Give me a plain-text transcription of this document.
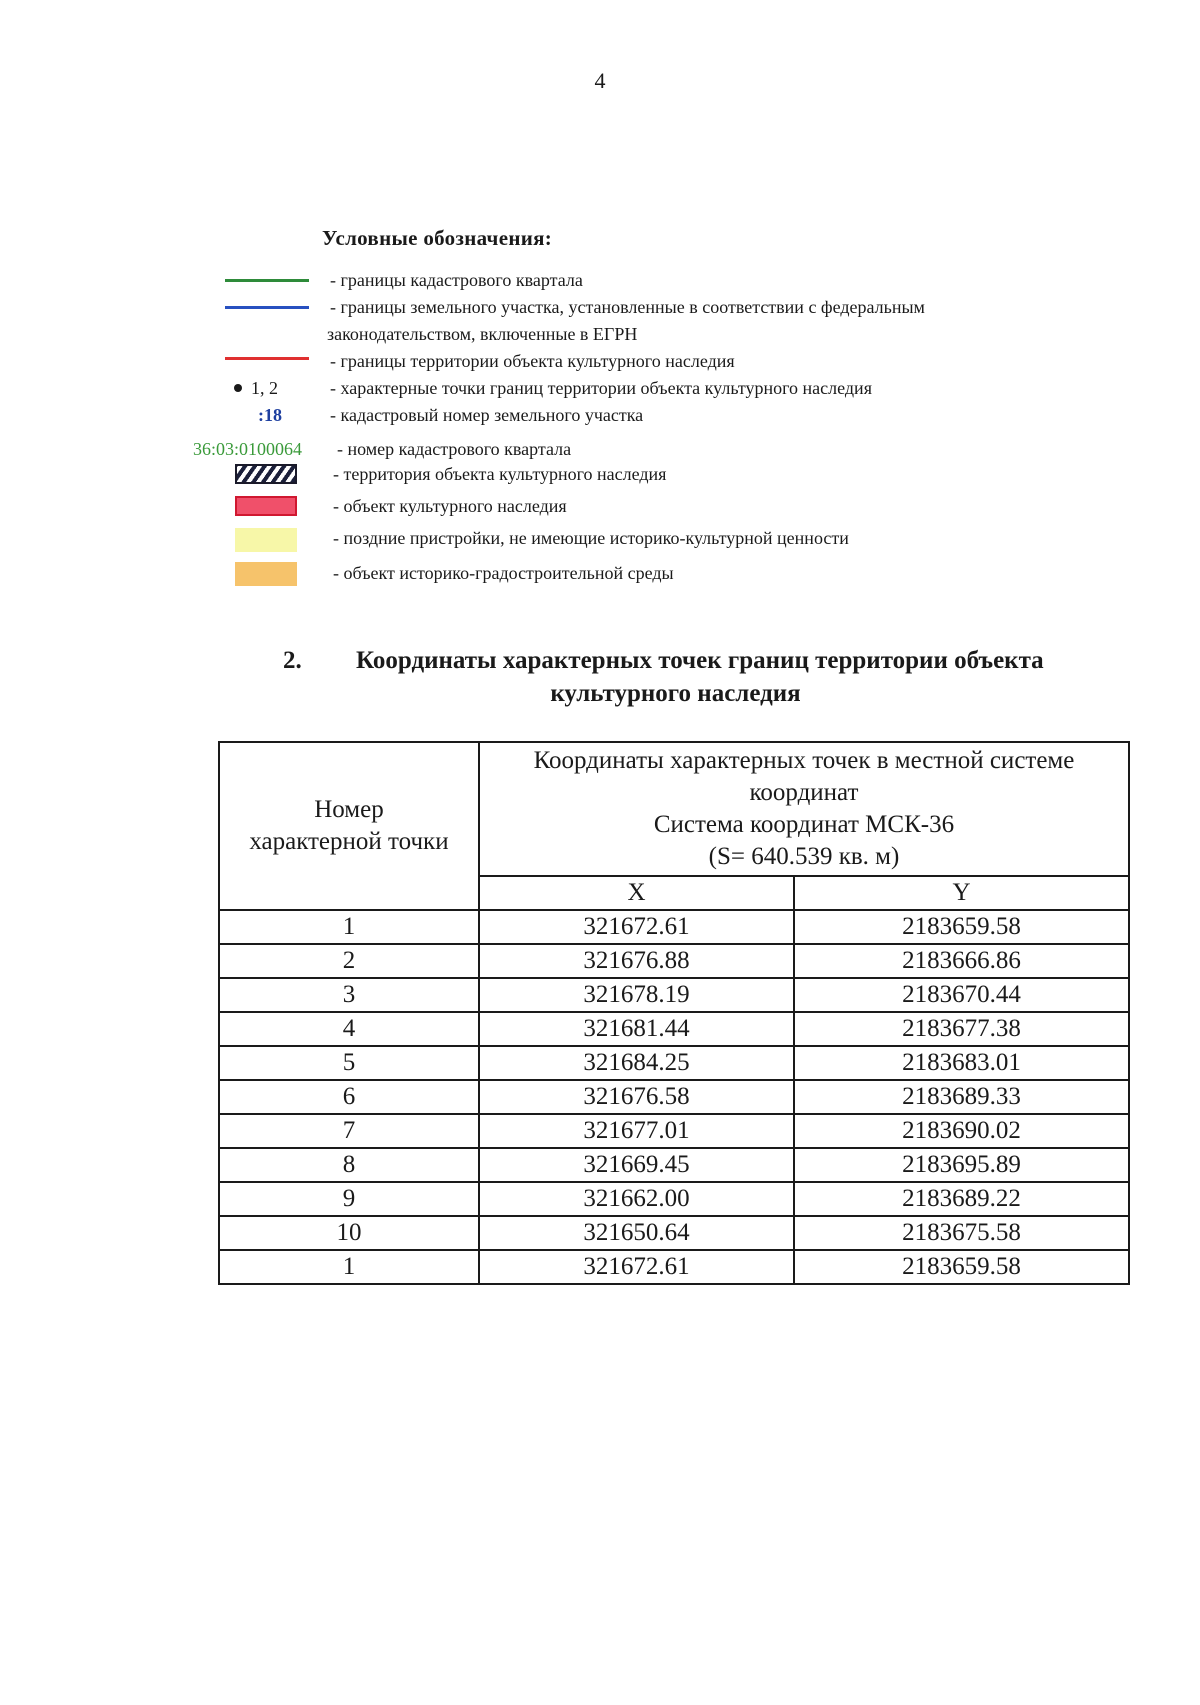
4
Условные обозначения:
- границы кадастрового квартала
- границы земельного участка, установленные в соответствии с федеральным
законодательством, включенные в ЕГРН
- границы территории объекта культурного наследия
1, 2	- характерные точки границ территории объекта культурного наследия
:18	- кадастровый номер земельного участка
36:03:0100064 - номер кадастрового квартала
- территория объекта культурного наследия
- объект культурного наследия
- поздние пристройки, не имеющие историко-культурной ценности
- объект историко-градостроительной среды
2. Координаты характерных точек границ территории объекта
культурного наследия
Номер
характерной точки	Координаты характерных точек в местной системе
координат
Система координат МСК-36
(S= 640.539 кв. м)	

	X	Y
1	321672.61	2183659.58
2	321676.88	2183666.86
3	321678.19	2183670.44
4	321681.44	2183677.38
5	321684.25	2183683.01
6	321676.58	2183689.33
7	321677.01	2183690.02
8	321669.45	2183695.89
9	321662.00	2183689.22
10	321650.64	2183675.58
1	321672.61	2183659.58
